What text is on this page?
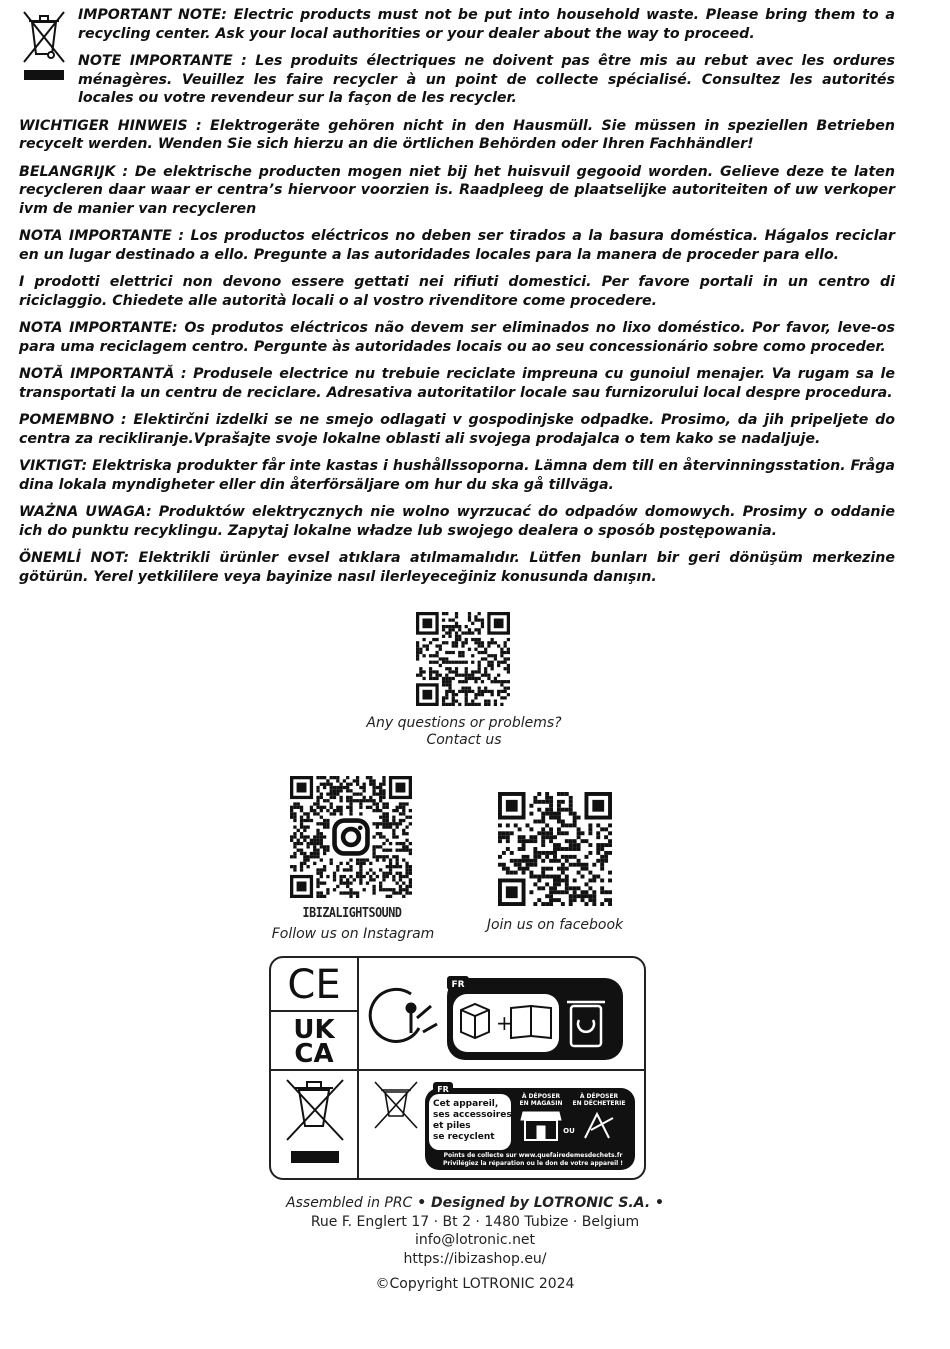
IMPORTANT NOTE: Electric products must not be put into household waste. Please bring them to a recycling center. Ask your local authorities or your dealer about the way to proceed.

NOTE IMPORTANTE : Les produits électriques ne doivent pas être mis au rebut avec les ordures ménagères. Veuillez les faire recycler à un point de collecte spécialisé. Consultez les autorités locales ou votre revendeur sur la façon de les recycler.

WICHTIGER HINWEIS : Elektrogeräte gehören nicht in den Hausmüll. Sie müssen in speziellen Betrieben recycelt werden. Wenden Sie sich hierzu an die örtlichen Behörden oder Ihren Fachhändler!

BELANGRIJK : De elektrische producten mogen niet bij het huisvuil gegooid worden. Gelieve deze te laten recycleren daar waar er centra’s hiervoor voorzien is. Raadpleeg de plaatselijke autoriteiten of uw verkoper ivm de manier van recycleren

NOTA IMPORTANTE : Los productos eléctricos no deben ser tirados a la basura doméstica. Hágalos reciclar en un lugar destinado a ello. Pregunte a las autoridades locales para la manera de proceder para ello.

I prodotti elettrici non devono essere gettati nei rifiuti domestici. Per favore portali in un centro di riciclaggio. Chiedete alle autorità locali o al vostro rivenditore come procedere.

NOTA IMPORTANTE: Os produtos eléctricos não devem ser eliminados no lixo doméstico. Por favor, leve-os para uma reciclagem centro. Pergunte às autoridades locais ou ao seu concessionário sobre como proceder.

NOTĂ IMPORTANTĂ : Produsele electrice nu trebuie reciclate impreuna cu gunoiul menajer. Va rugam sa le transportati la un centru de reciclare. Adresativa autoritatilor locale sau furnizorului local despre procedura.

POMEMBNO : Elektirčni izdelki se ne smejo odlagati v gospodinjske odpadke. Prosimo, da jih pripeljete do centra za recikliranje.Vprašajte svoje lokalne oblasti ali svojega prodajalca o tem kako se nadaljuje.

VIKTIGT: Elektriska produkter får inte kastas i hushållssoporna. Lämna dem till en återvinningsstation. Fråga dina lokala myndigheter eller din återförsäljare om hur du ska gå tillväga.

WAŻNA UWAGA: Produktów elektrycznych nie wolno wyrzucać do odpadów domowych. Prosimy o oddanie ich do punktu recyklingu. Zapytaj lokalne władze lub swojego dealera o sposób postępowania.

ÖNEMLİ NOT: Elektrikli ürünler evsel atıklara atılmamalıdır. Lütfen bunları bir geri dönüşüm merkezine götürün. Yerel yetkililere veya bayinize nasıl ilerleyeceğiniz konusunda danışın.

Any questions or problems?
Contact us
IBIZALIGHTSOUND
Follow us on Instagram
Join us on facebook
CE
UK
CA
FR
+
FR
Cet appareil,
ses accessoires
et piles
se recyclent
À DÉPOSER
EN MAGASIN
À DÉPOSER
EN DÉCHETERIE
OU
Points de collecte sur www.quefairedemesdechets.fr
Privilégiez la réparation ou le don de votre appareil !
Assembled in PRC • Designed by LOTRONIC S.A. •
Rue F. Englert 17 · Bt 2 · 1480 Tubize · Belgium
info@lotronic.net
https://ibizashop.eu/
©Copyright LOTRONIC 2024
